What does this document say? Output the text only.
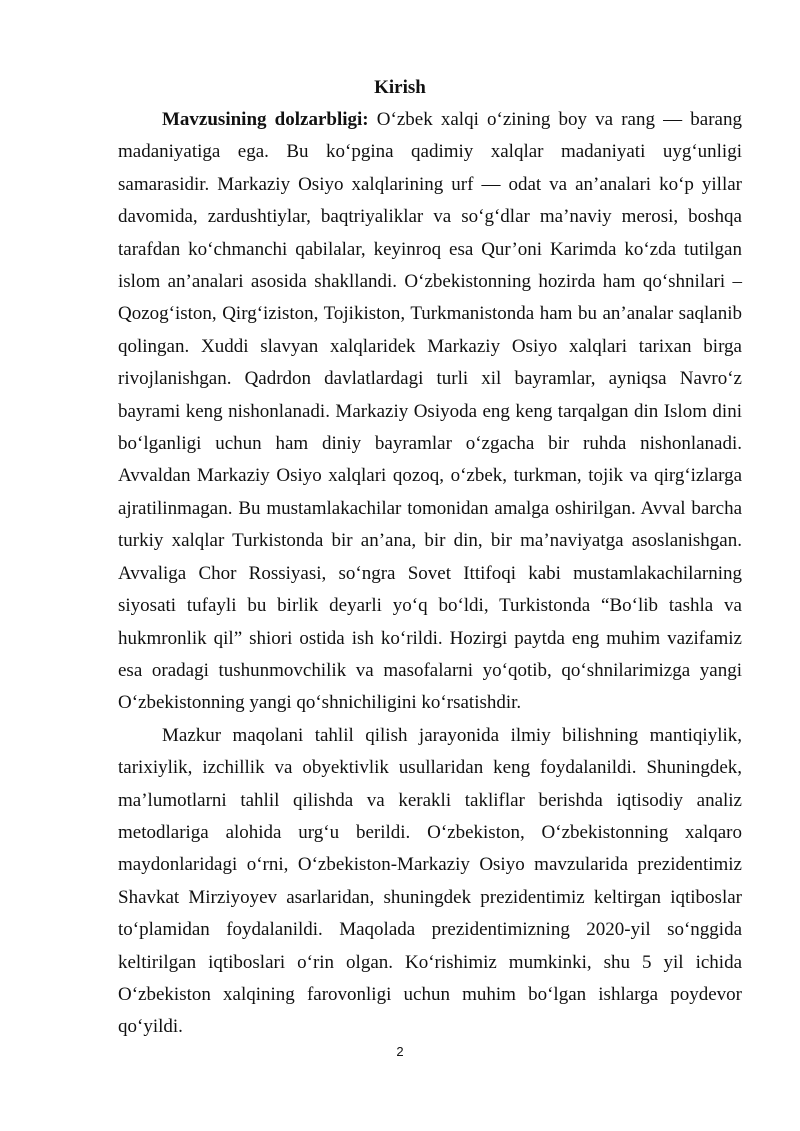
Kirish

Mavzusining dolzarbligi: O‘zbek xalqi o‘zining boy va rang — barang madaniyatiga ega. Bu ko‘pgina qadimiy xalqlar madaniyati uyg‘unligi samarasidir. Markaziy Osiyo xalqlarining urf — odat va an’analari ko‘p yillar davomida, zardushtiylar, baqtriyaliklar va so‘g‘dlar ma’naviy merosi, boshqa tarafdan ko‘chmanchi qabilalar, keyinroq esa Qur’oni Karimda ko‘zda tutilgan islom an’analari asosida shakllandi. O‘zbekistonning hozirda ham qo‘shnilari – Qozog‘iston, Qirg‘iziston, Tojikiston, Turkmanistonda ham bu an’analar saqlanib qolingan. Xuddi slavyan xalqlaridek Markaziy Osiyo xalqlari tarixan birga rivojlanishgan. Qadrdon davlatlardagi turli xil bayramlar, ayniqsa Navro‘z bayrami keng nishonlanadi. Markaziy Osiyoda eng keng tarqalgan din Islom dini bo‘lganligi uchun ham diniy bayramlar o‘zgacha bir ruhda nishonlanadi. Avvaldan Markaziy Osiyo xalqlari qozoq, o‘zbek, turkman, tojik va qirg‘izlarga ajratilinmagan. Bu mustamlakachilar tomonidan amalga oshirilgan. Avval barcha turkiy xalqlar Turkistonda bir an’ana, bir din, bir ma’naviyatga asoslanishgan. Avvaliga Chor Rossiyasi, so‘ngra Sovet Ittifoqi kabi mustamlakachilarning siyosati tufayli bu birlik deyarli yo‘q bo‘ldi, Turkistonda “Bo‘lib tashla va hukmronlik qil” shiori ostida ish ko‘rildi. Hozirgi paytda eng muhim vazifamiz esa oradagi tushunmovchilik va masofalarni yo‘qotib, qo‘shnilarimizga yangi O‘zbekistonning yangi qo‘shnichiligini ko‘rsatishdir.

Mazkur maqolani tahlil qilish jarayonida ilmiy bilishning mantiqiylik, tarixiylik, izchillik va obyektivlik usullaridan keng foydalanildi. Shuningdek, ma’lumotlarni tahlil qilishda va kerakli takliflar berishda iqtisodiy analiz metodlariga alohida urg‘u berildi. O‘zbekiston, O‘zbekistonning xalqaro maydonlaridagi o‘rni, O‘zbekiston-Markaziy Osiyo mavzularida prezidentimiz Shavkat Mirziyoyev asarlaridan, shuningdek prezidentimiz keltirgan iqtiboslar to‘plamidan foydalanildi. Maqolada prezidentimizning 2020-yil so‘nggida keltirilgan iqtiboslari o‘rin olgan. Ko‘rishimiz mumkinki, shu 5 yil ichida O‘zbekiston xalqining farovonligi uchun muhim bo‘lgan ishlarga poydevor qo‘yildi.

2
